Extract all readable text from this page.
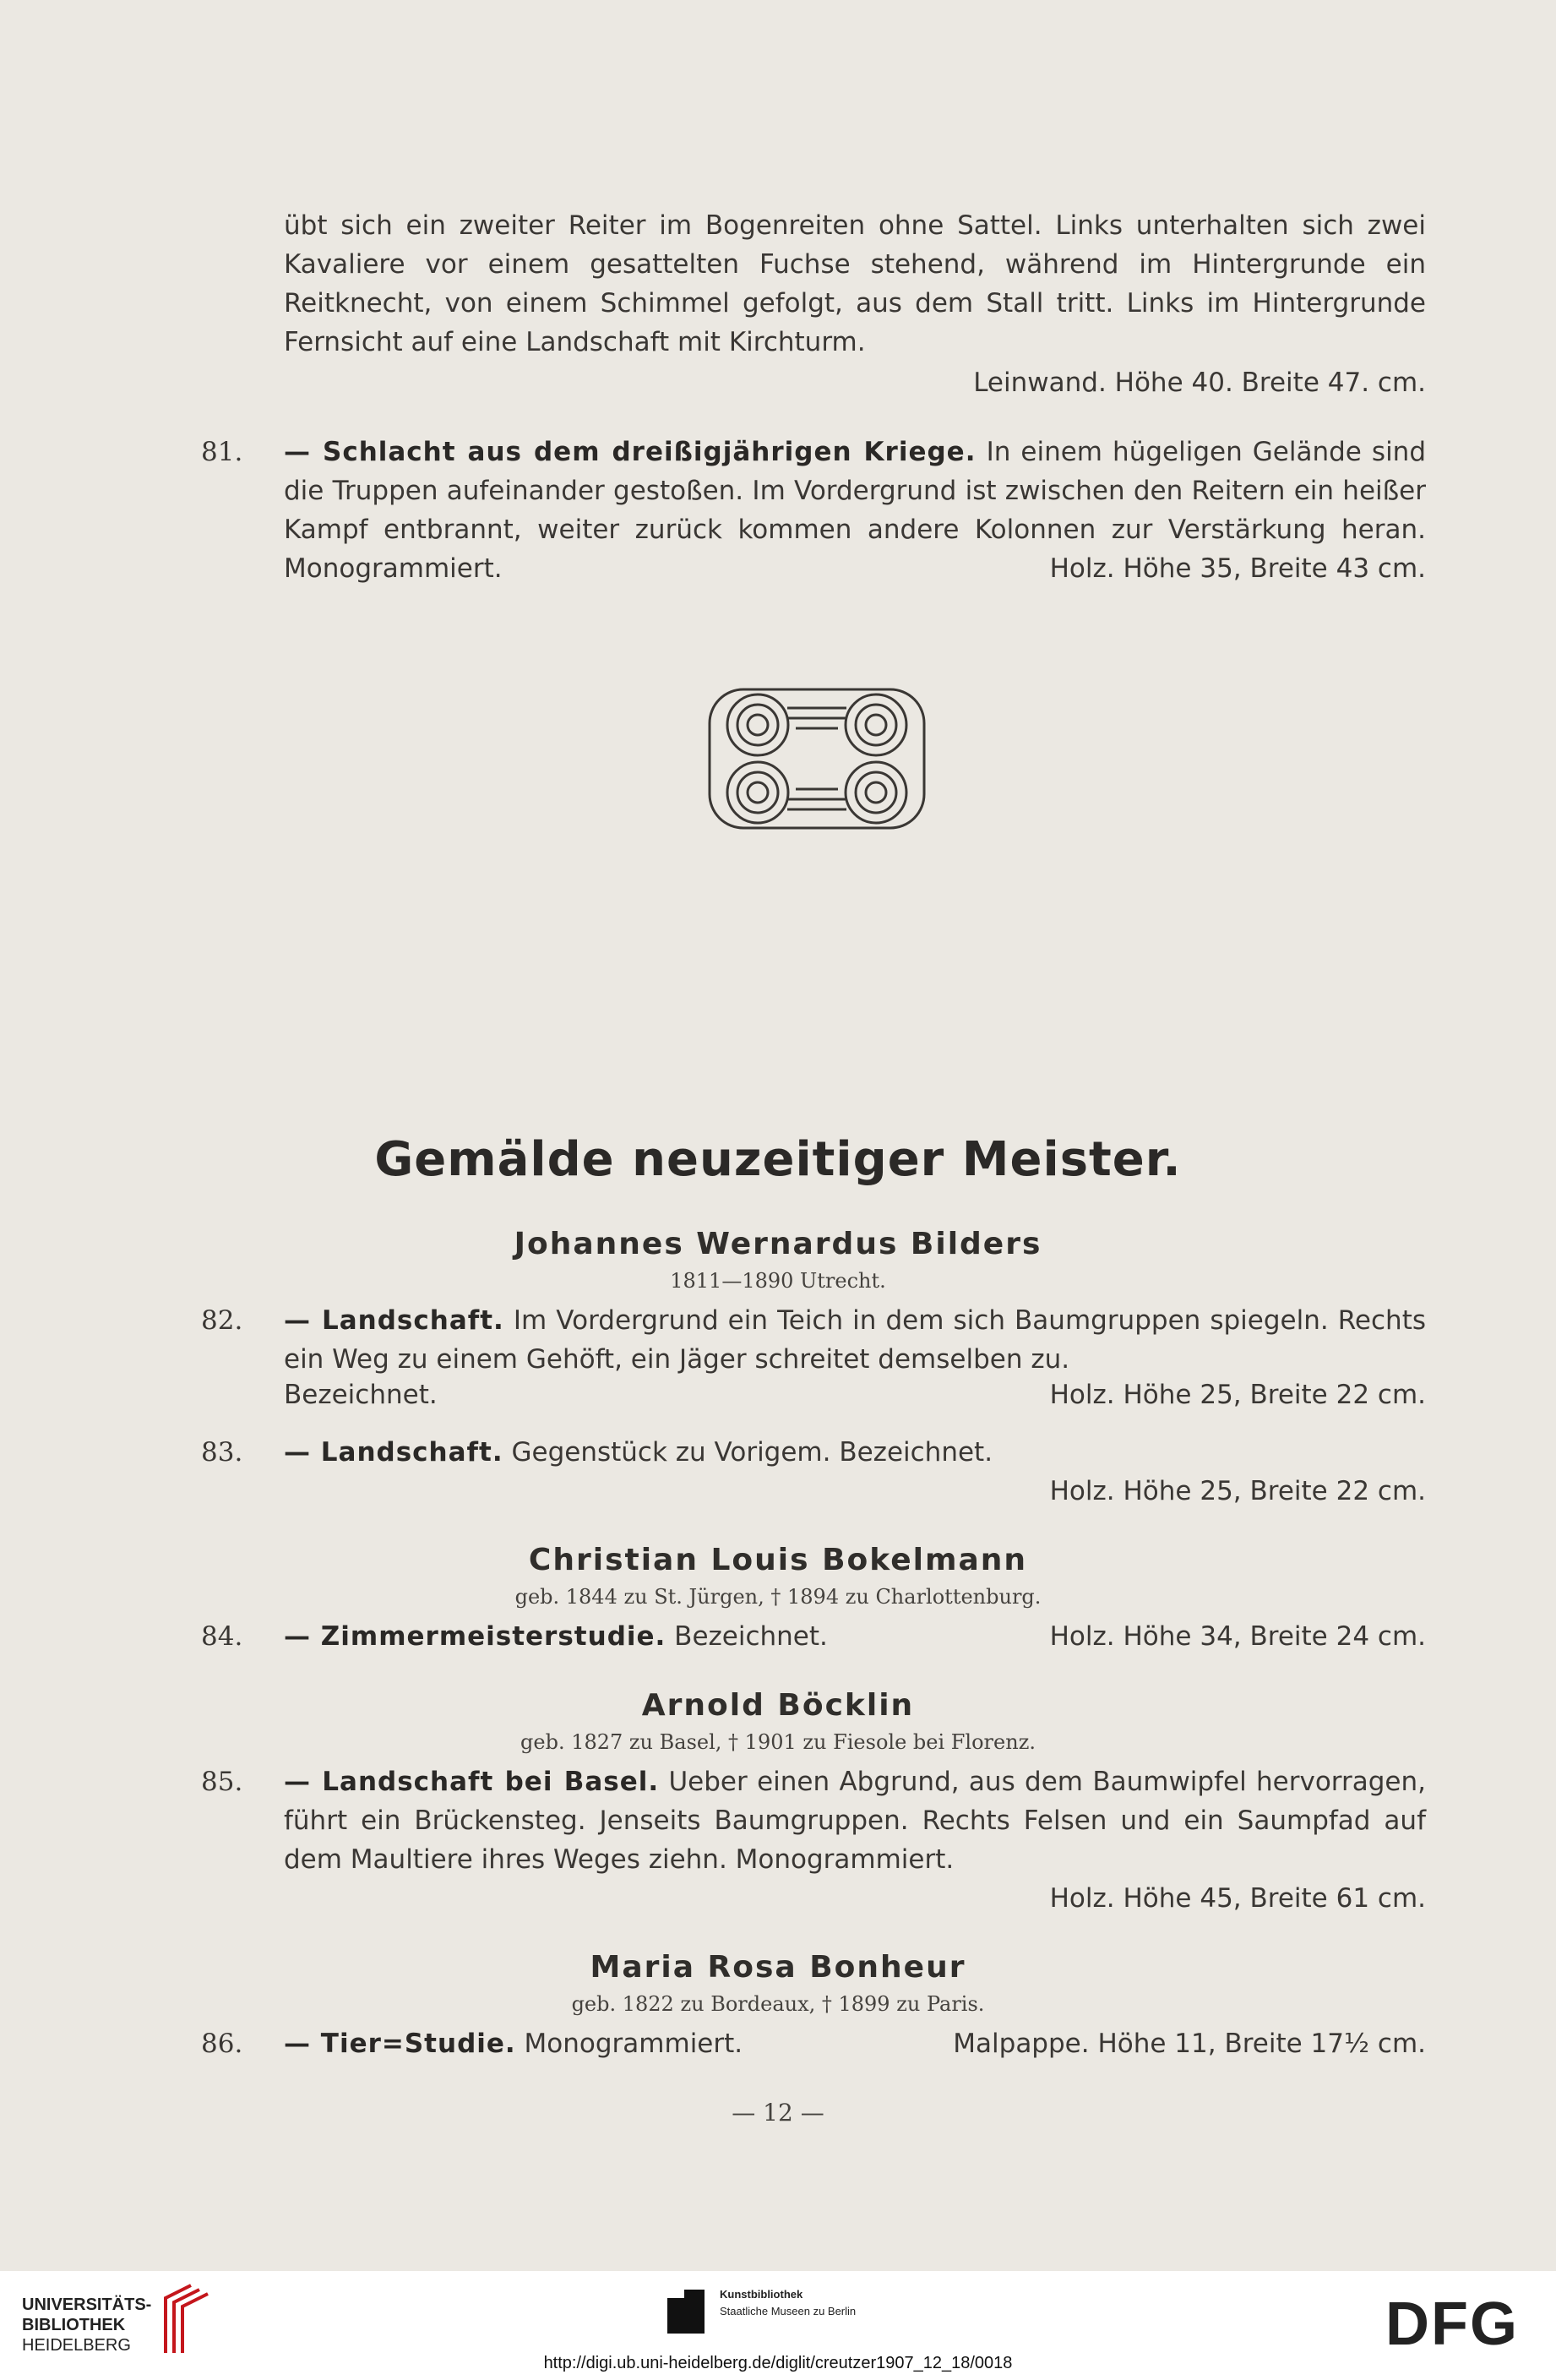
übt sich ein zweiter Reiter im Bogenreiten ohne Sattel. Links unterhalten sich zwei Kavaliere vor einem gesattelten Fuchse stehend, während im Hintergrunde ein Reitknecht, von einem Schimmel gefolgt, aus dem Stall tritt. Links im Hintergrunde Fernsicht auf eine Landschaft mit Kirchturm.
Leinwand. Höhe 40. Breite 47. cm.
81. — Schlacht aus dem dreißigjährigen Kriege. In einem hügeligen Gelände sind die Truppen aufeinander gestoßen. Im Vordergrund ist zwischen den Reitern ein heißer Kampf entbrannt, weiter zurück kommen andere Kolonnen zur Verstärkung heran. Monogrammiert.	Holz. Höhe 35, Breite 43 cm.
Gemälde neuzeitiger Meister.
Johannes Wernardus Bilders
1811—1890 Utrecht.
82. — Landschaft. Im Vordergrund ein Teich in dem sich Baumgruppen spiegeln. Rechts ein Weg zu einem Gehöft, ein Jäger schreitet demselben zu.
Bezeichnet.	Holz. Höhe 25, Breite 22 cm.
83. — Landschaft. Gegenstück zu Vorigem. Bezeichnet.
Holz. Höhe 25, Breite 22 cm.
Christian Louis Bokelmann
geb. 1844 zu St. Jürgen, † 1894 zu Charlottenburg.
84. — Zimmermeisterstudie. Bezeichnet.	Holz. Höhe 34, Breite 24 cm.
Arnold Böcklin
geb. 1827 zu Basel, † 1901 zu Fiesole bei Florenz.
85. — Landschaft bei Basel. Ueber einen Abgrund, aus dem Baumwipfel hervorragen, führt ein Brückensteg. Jenseits Baumgruppen. Rechts Felsen und ein Saumpfad auf dem Maultiere ihres Weges ziehn. Monogrammiert.
Holz. Höhe 45, Breite 61 cm.
Maria Rosa Bonheur
geb. 1822 zu Bordeaux, † 1899 zu Paris.
86. — Tier=Studie. Monogrammiert.	Malpappe. Höhe 11, Breite 17½ cm.
— 12 —
UNIVERSITÄTS-
BIBLIOTHEK
HEIDELBERG
Kunstbibliothek
Staatliche Museen zu Berlin	DFG
http://digi.ub.uni-heidelberg.de/diglit/creutzer1907_12_18/0018
